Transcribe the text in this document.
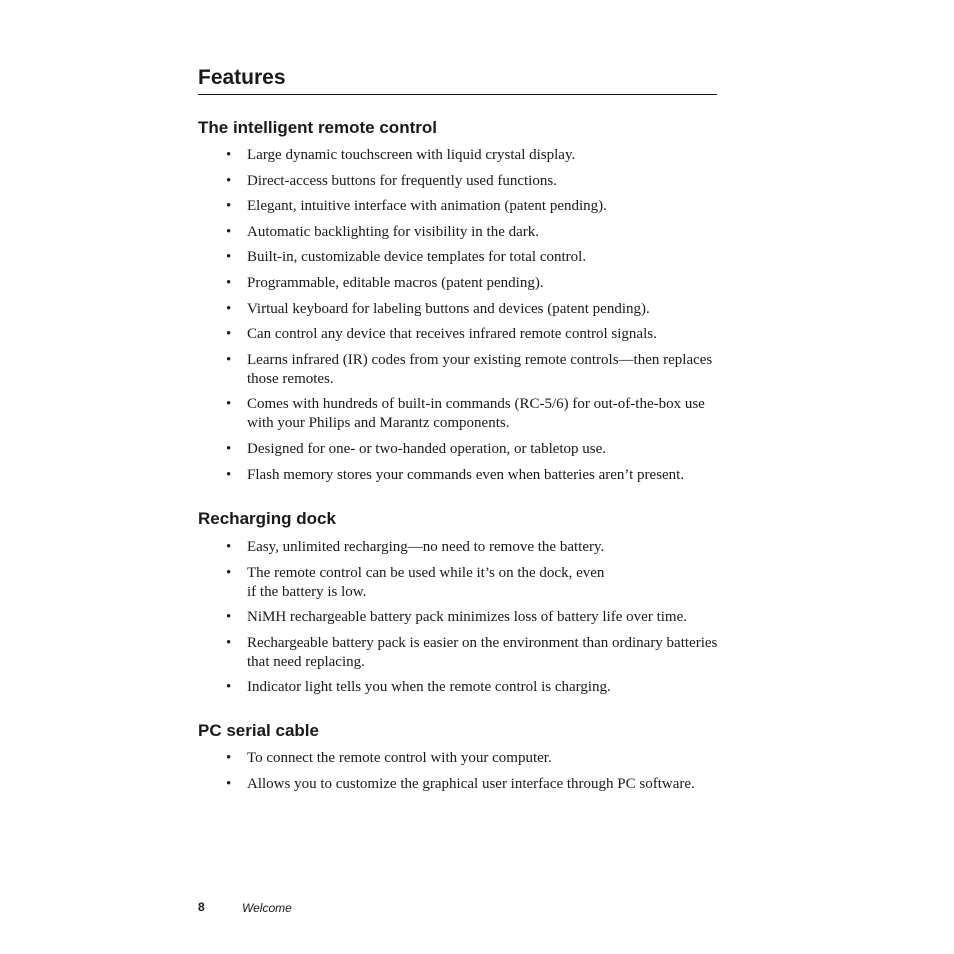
Features
The intelligent remote control
• Large dynamic touchscreen with liquid crystal display.
• Direct-access buttons for frequently used functions.
• Elegant, intuitive interface with animation (patent pending).
• Automatic backlighting for visibility in the dark.
• Built-in, customizable device templates for total control.
• Programmable, editable macros (patent pending).
• Virtual keyboard for labeling buttons and devices (patent pending).
• Can control any device that receives infrared remote control signals.
• Learns infrared (IR) codes from your existing remote controls—then replaces those remotes.
• Comes with hundreds of built-in commands (RC-5/6) for out-of-the-box use with your Philips and Marantz components.
• Designed for one- or two-handed operation, or tabletop use.
• Flash memory stores your commands even when batteries aren’t present.
Recharging dock
• Easy, unlimited recharging—no need to remove the battery.
• The remote control can be used while it’s on the dock, even if the battery is low.
• NiMH rechargeable battery pack minimizes loss of battery life over time.
• Rechargeable battery pack is easier on the environment than ordinary batteries that need replacing.
• Indicator light tells you when the remote control is charging.
PC serial cable
• To connect the remote control with your computer.
• Allows you to customize the graphical user interface through PC software.
8	Welcome
